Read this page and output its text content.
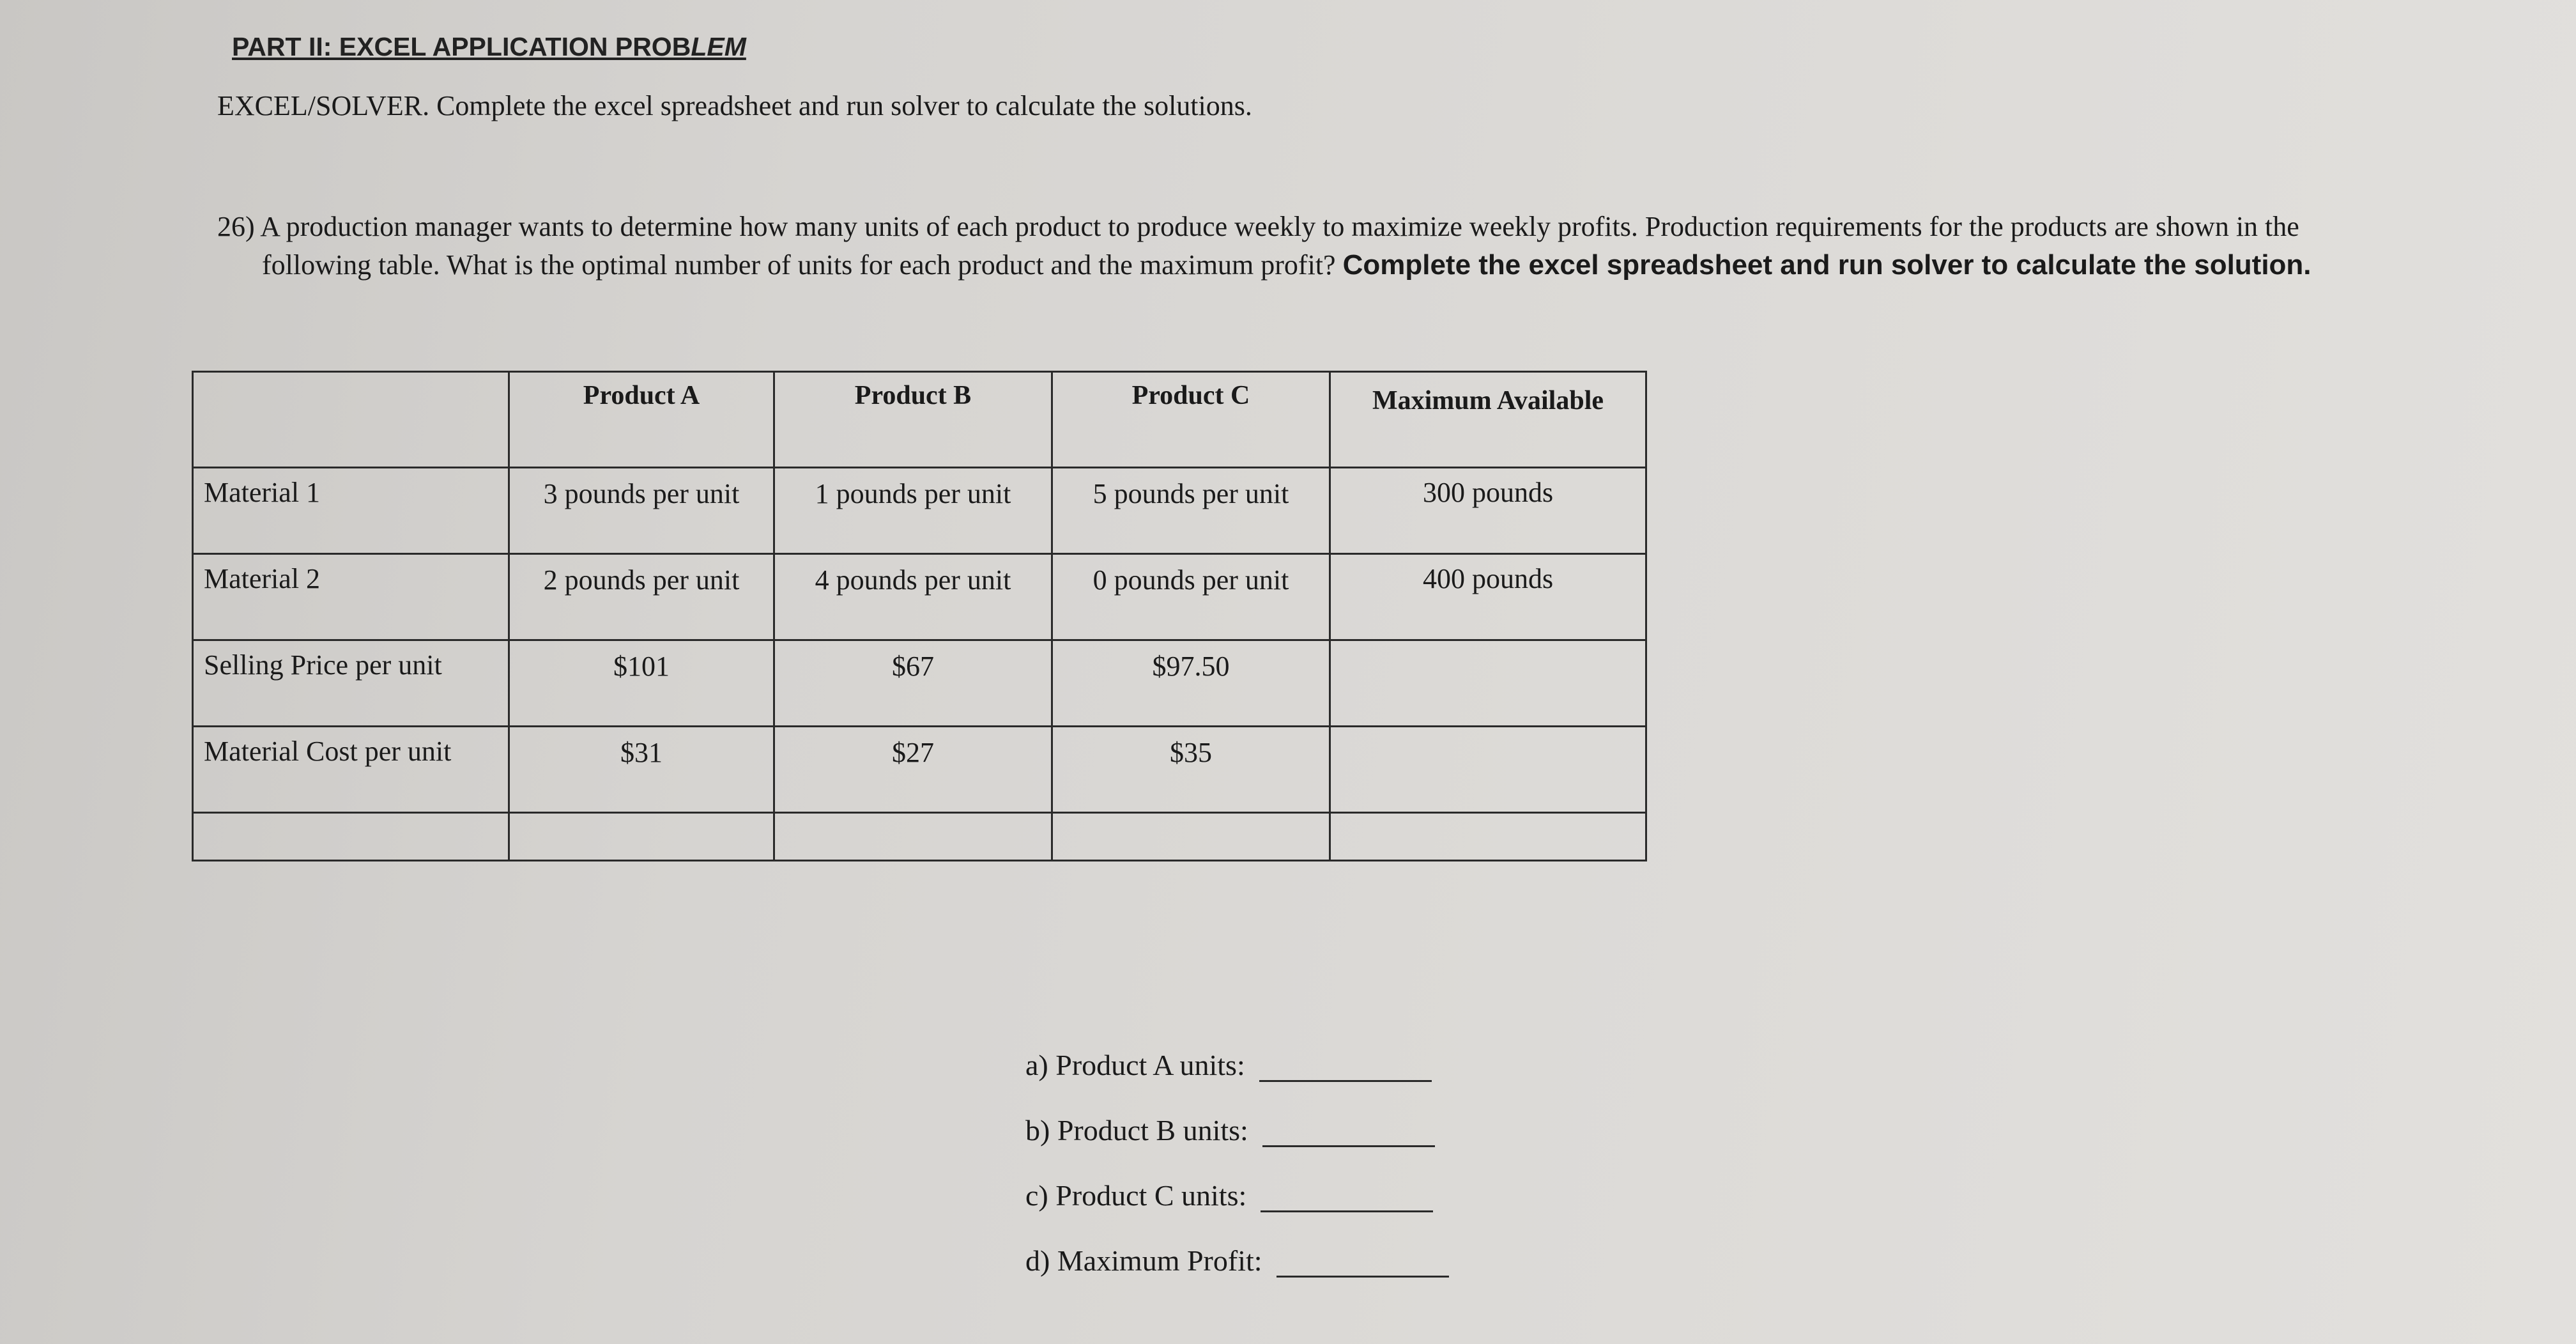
PART II: EXCEL APPLICATION PROBLEM
EXCEL/SOLVER. Complete the excel spreadsheet and run solver to calculate the solutions.
26) A production manager wants to determine how many units of each product to produce weekly to maximize weekly profits. Production requirements for the products are shown in the
following table. What is the optimal number of units for each product and the maximum profit? Complete the excel spreadsheet and run solver to calculate the solution.
	Product A	Product B	Product C	Maximum Available
Material 1	3 pounds per unit	1 pounds per unit	5 pounds per unit	300 pounds
Material 2	2 pounds per unit	4 pounds per unit	0 pounds per unit	400 pounds
Selling Price per unit	$101	$67	$97.50	
Material Cost per unit	$31	$27	$35	

a) Product A units:
b) Product B units:
c) Product C units:
d) Maximum Profit:
